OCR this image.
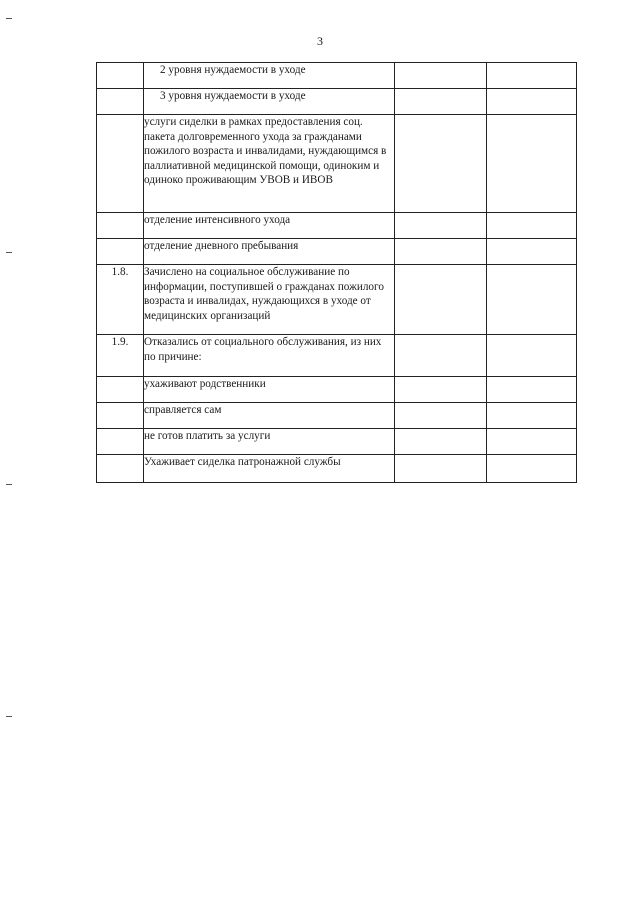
3
	2 уровня нуждаемости в уходе		
	3 уровня нуждаемости в уходе		
	услуги сиделки в рамках предоставления соц. пакета долговременного ухода за гражданами пожилого возраста и инвалидами, нуждающимся в паллиативной медицинской помощи, одиноким и одиноко проживающим УВОВ и ИВОВ		
	отделение интенсивного ухода		
	отделение дневного пребывания		
1.8.	Зачислено на социальное обслуживание по информации, поступившей о гражданах пожилого возраста и инвалидах, нуждающихся в уходе от медицинских организаций		
1.9.	Отказались от социального обслуживания, из них по причине:		
	ухаживают родственники		
	справляется сам		
	не готов платить за услуги		
	Ухаживает сиделка патронажной службы		
